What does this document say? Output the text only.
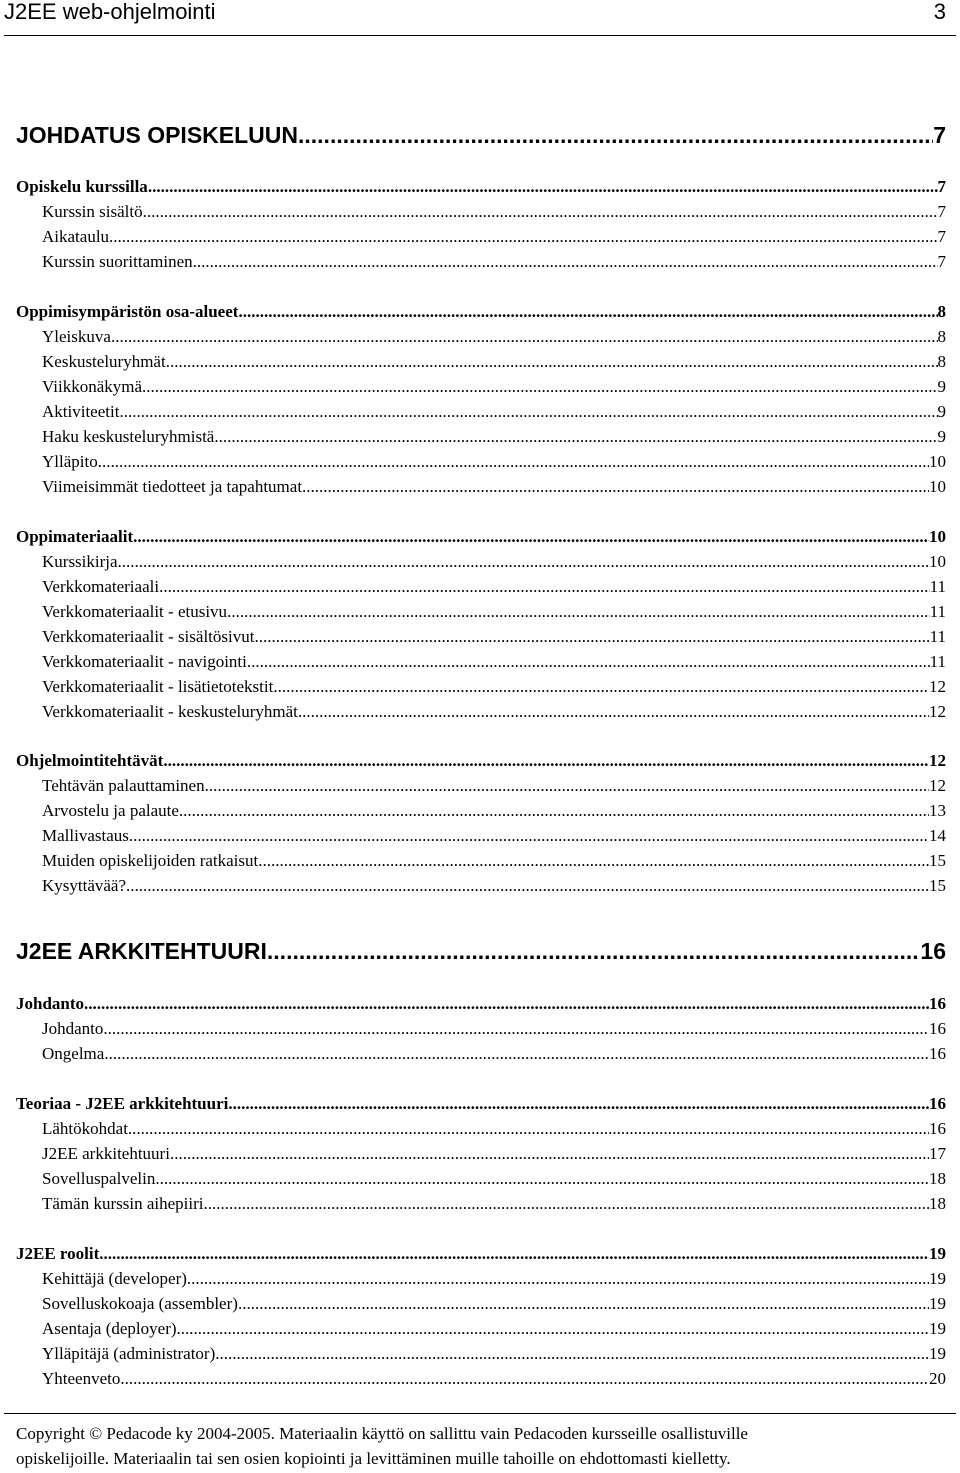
J2EE web-ohjelmointi	3
JOHDATUS OPISKELUUN .....	7
Opiskelu kurssilla .....	7
Kurssin sisältö .....	7
Aikataulu .....	7
Kurssin suorittaminen .....	7
Oppimisympäristön osa-alueet .....	8
Yleiskuva .....	8
Keskusteluryhmät .....	8
Viikkonäkymä .....	9
Aktiviteetit .....	9
Haku keskusteluryhmistä .....	9
Ylläpito .....	10
Viimeisimmät tiedotteet ja tapahtumat .....	10
Oppimateriaalit .....	10
Kurssikirja .....	10
Verkkomateriaali .....	11
Verkkomateriaalit - etusivu .....	11
Verkkomateriaalit - sisältösivut .....	11
Verkkomateriaalit - navigointi .....	11
Verkkomateriaalit - lisätietotekstit .....	12
Verkkomateriaalit - keskusteluryhmät .....	12
Ohjelmointitehtävät .....	12
Tehtävän palauttaminen .....	12
Arvostelu ja palaute .....	13
Mallivastaus .....	14
Muiden opiskelijoiden ratkaisut .....	15
Kysyttävää? .....	15
J2EE ARKKITEHTUURI .....	16
Johdanto .....	16
Johdanto .....	16
Ongelma .....	16
Teoriaa - J2EE arkkitehtuuri .....	16
Lähtökohdat .....	16
J2EE arkkitehtuuri .....	17
Sovelluspalvelin .....	18
Tämän kurssin aihepiiri .....	18
J2EE roolit .....	19
Kehittäjä (developer) .....	19
Sovelluskokoaja (assembler) .....	19
Asentaja (deployer) .....	19
Ylläpitäjä (administrator) .....	19
Yhteenveto .....	20
Copyright © Pedacode ky 2004-2005. Materiaalin käyttö on sallittu vain Pedacoden kursseille osallistuville
opiskelijoille. Materiaalin tai sen osien kopiointi ja levittäminen muille tahoille on ehdottomasti kielletty.
